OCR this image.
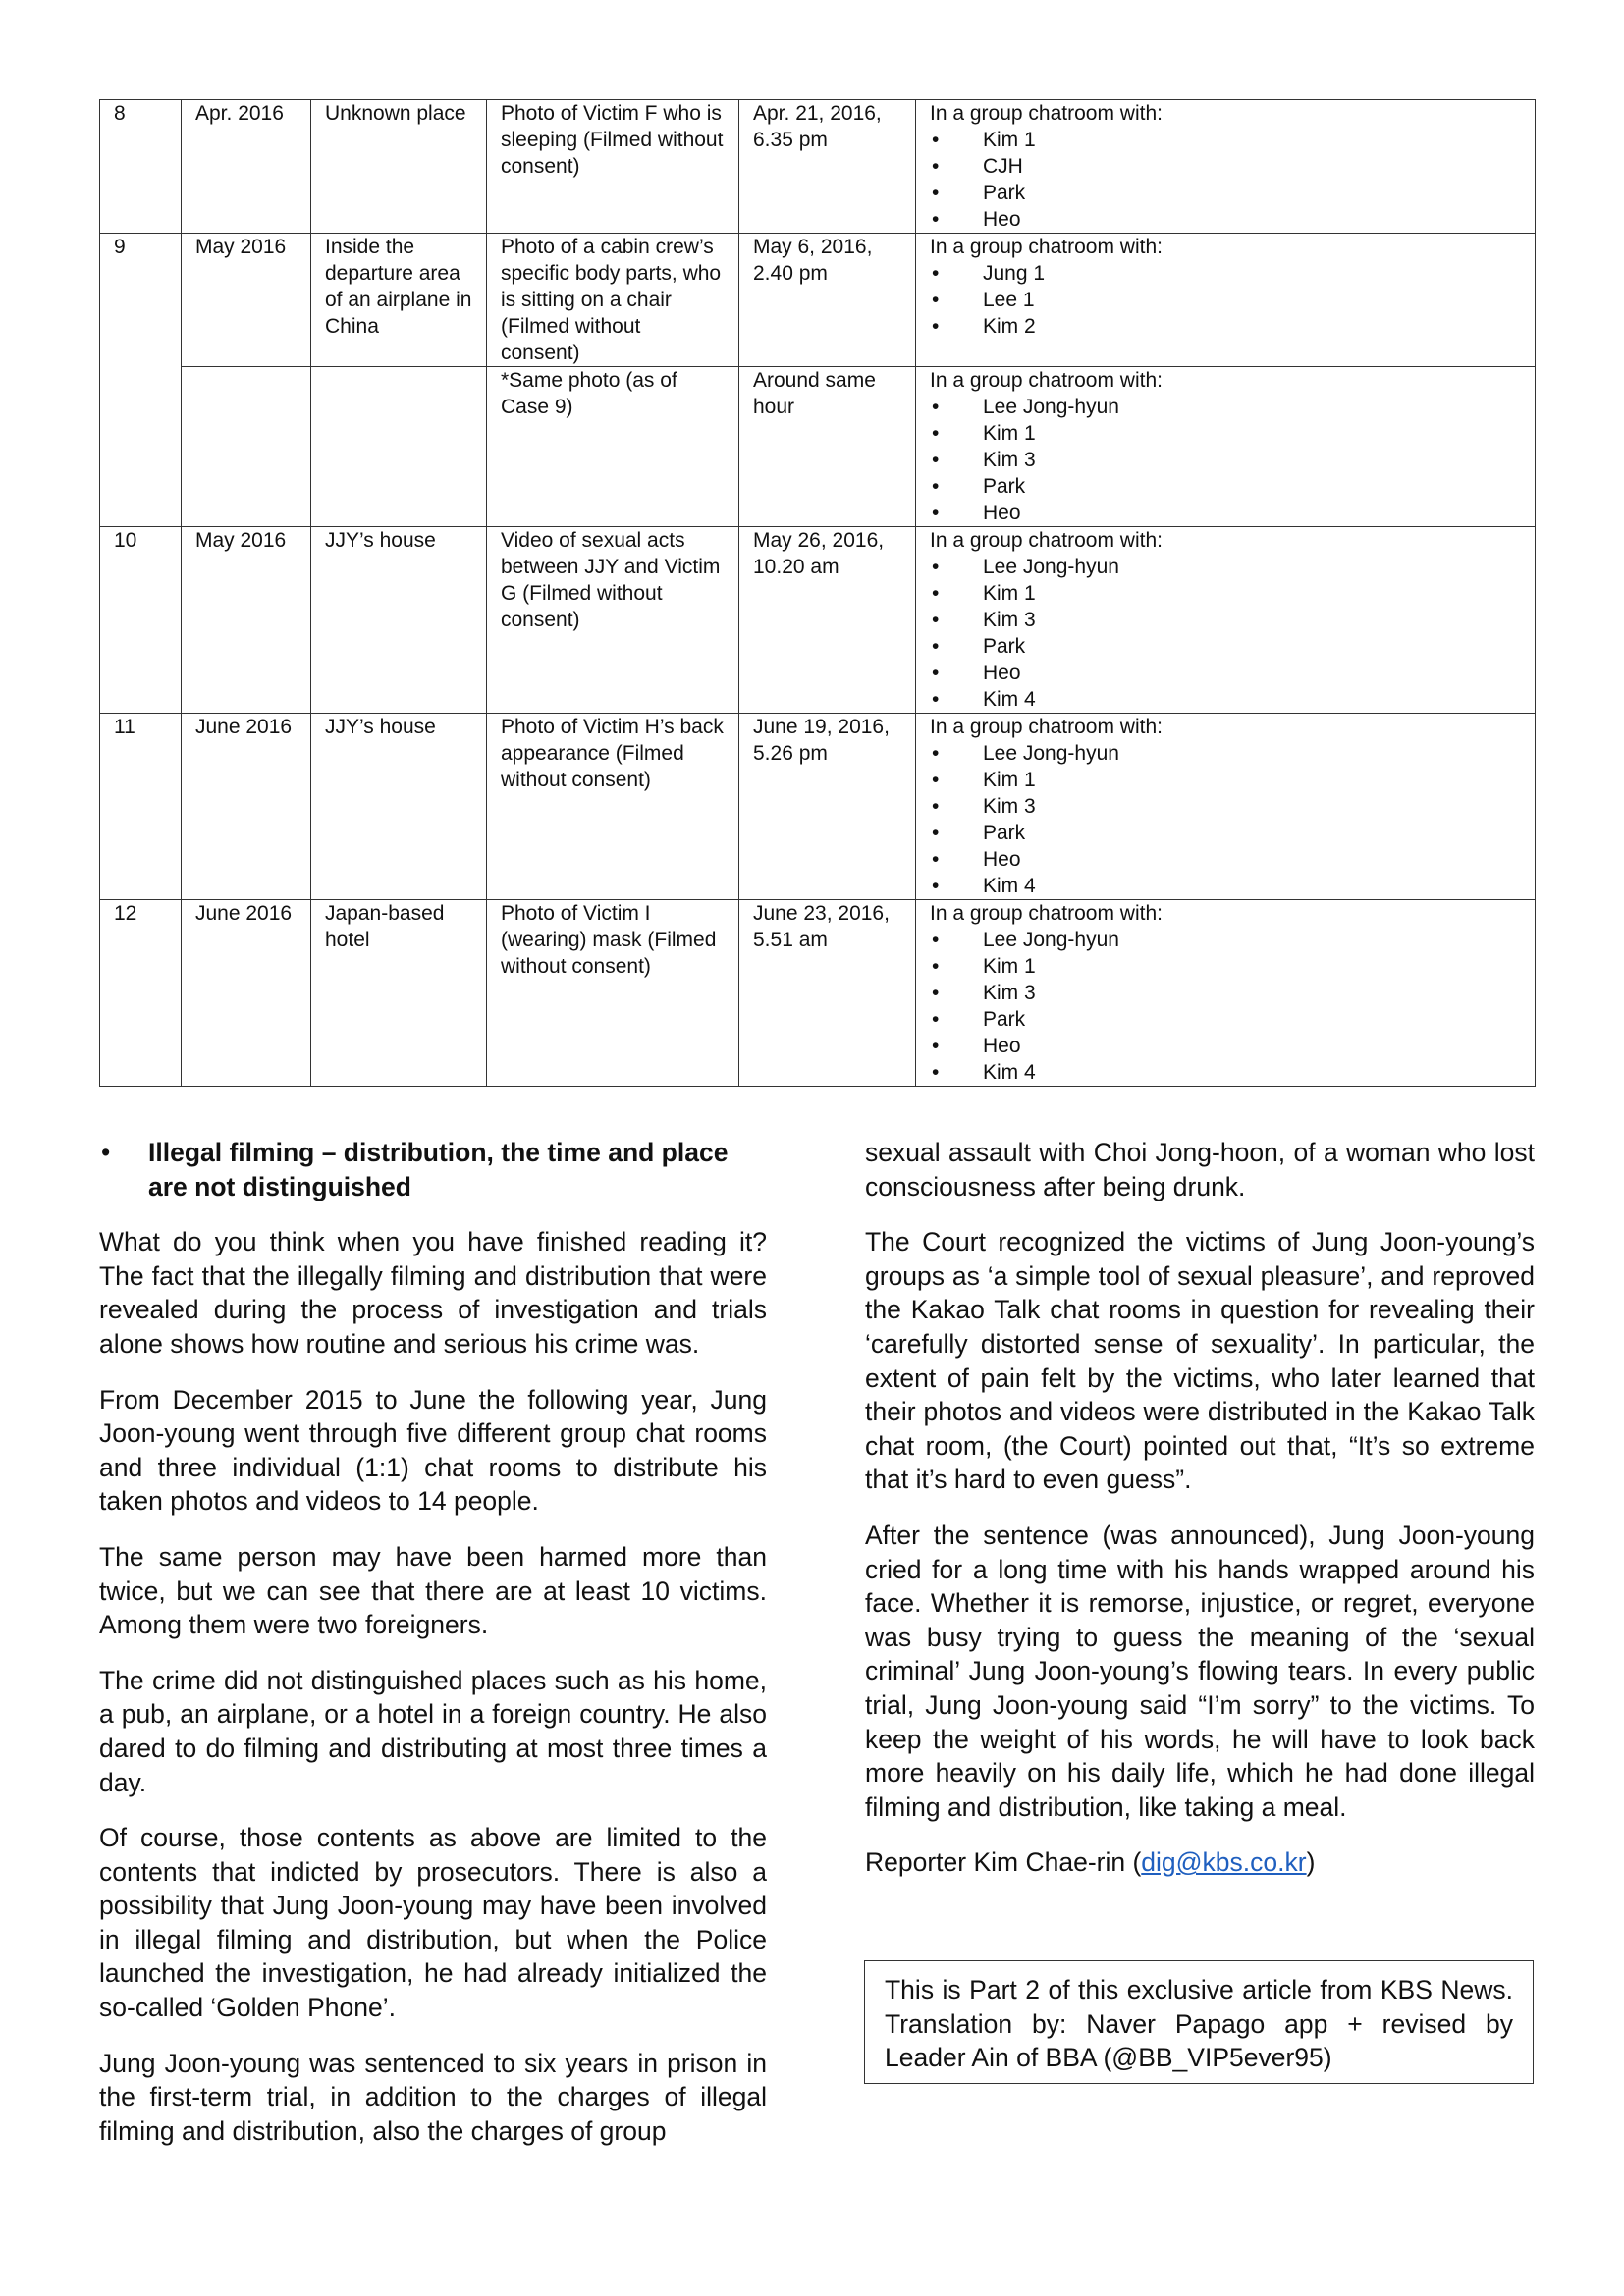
8	Apr. 2016	Unknown place	Photo of Victim F who is sleeping (Filmed without consent)	Apr. 21, 2016, 6.35 pm	
In a group chatroom with:
• Kim 1
• CJH
• Park
• Heo

9	May 2016	Inside the departure area of an airplane in China	Photo of a cabin crew’s specific body parts, who is sitting on a chair (Filmed without consent)	May 6, 2016, 2.40 pm	
In a group chatroom with:
• Jung 1
• Lee 1
• Kim 2

		*Same photo (as of Case 9)	Around same hour	
In a group chatroom with:
• Lee Jong-hyun
• Kim 1
• Kim 3
• Park
• Heo

10	May 2016	JJY’s house	Video of sexual acts between JJY and Victim G (Filmed without consent)	May 26, 2016, 10.20 am	
In a group chatroom with:
• Lee Jong-hyun
• Kim 1
• Kim 3
• Park
• Heo
• Kim 4

11	June 2016	JJY’s house	Photo of Victim H’s back appearance (Filmed without consent)	June 19, 2016, 5.26 pm	
In a group chatroom with:
• Lee Jong-hyun
• Kim 1
• Kim 3
• Park
• Heo
• Kim 4

12	June 2016	Japan-based hotel	Photo of Victim I (wearing) mask (Filmed without consent)	June 23, 2016, 5.51 am	
In a group chatroom with:
• Lee Jong-hyun
• Kim 1
• Kim 3
• Park
• Heo
• Kim 4
• Illegal filming – distribution, the time and place are not distinguished

What do you think when you have finished reading it? The fact that the illegally filming and distribution that were revealed during the process of investigation and trials alone shows how routine and serious his crime was.

From December 2015 to June the following year, Jung Joon-young went through five different group chat rooms and three individual (1:1) chat rooms to distribute his taken photos and videos to 14 people.

The same person may have been harmed more than twice, but we can see that there are at least 10 victims. Among them were two foreigners.

The crime did not distinguished places such as his home, a pub, an airplane, or a hotel in a foreign country. He also dared to do filming and distributing at most three times a day.

Of course, those contents as above are limited to the contents that indicted by prosecutors. There is also a possibility that Jung Joon-young may have been involved in illegal filming and distribution, but when the Police launched the investigation, he had already initialized the so-called ‘Golden Phone’.

Jung Joon-young was sentenced to six years in prison in the first-term trial, in addition to the charges of illegal filming and distribution, also the charges of group

sexual assault with Choi Jong-hoon, of a woman who lost consciousness after being drunk.

The Court recognized the victims of Jung Joon-young’s groups as ‘a simple tool of sexual pleasure’, and reproved the Kakao Talk chat rooms in question for revealing their ‘carefully distorted sense of sexuality’. In particular, the extent of pain felt by the victims, who later learned that their photos and videos were distributed in the Kakao Talk chat room, (the Court) pointed out that, “It’s so extreme that it’s hard to even guess”.

After the sentence (was announced), Jung Joon-young cried for a long time with his hands wrapped around his face. Whether it is remorse, injustice, or regret, everyone was busy trying to guess the meaning of the ‘sexual criminal’ Jung Joon-young’s flowing tears. In every public trial, Jung Joon-young said “I’m sorry” to the victims. To keep the weight of his words, he will have to look back more heavily on his daily life, which he had done illegal filming and distribution, like taking a meal.

Reporter Kim Chae-rin (dig@kbs.co.kr)

This is Part 2 of this exclusive article from KBS News. Translation by: Naver Papago app + revised by Leader Ain of BBA (@BB_VIP5ever95)
